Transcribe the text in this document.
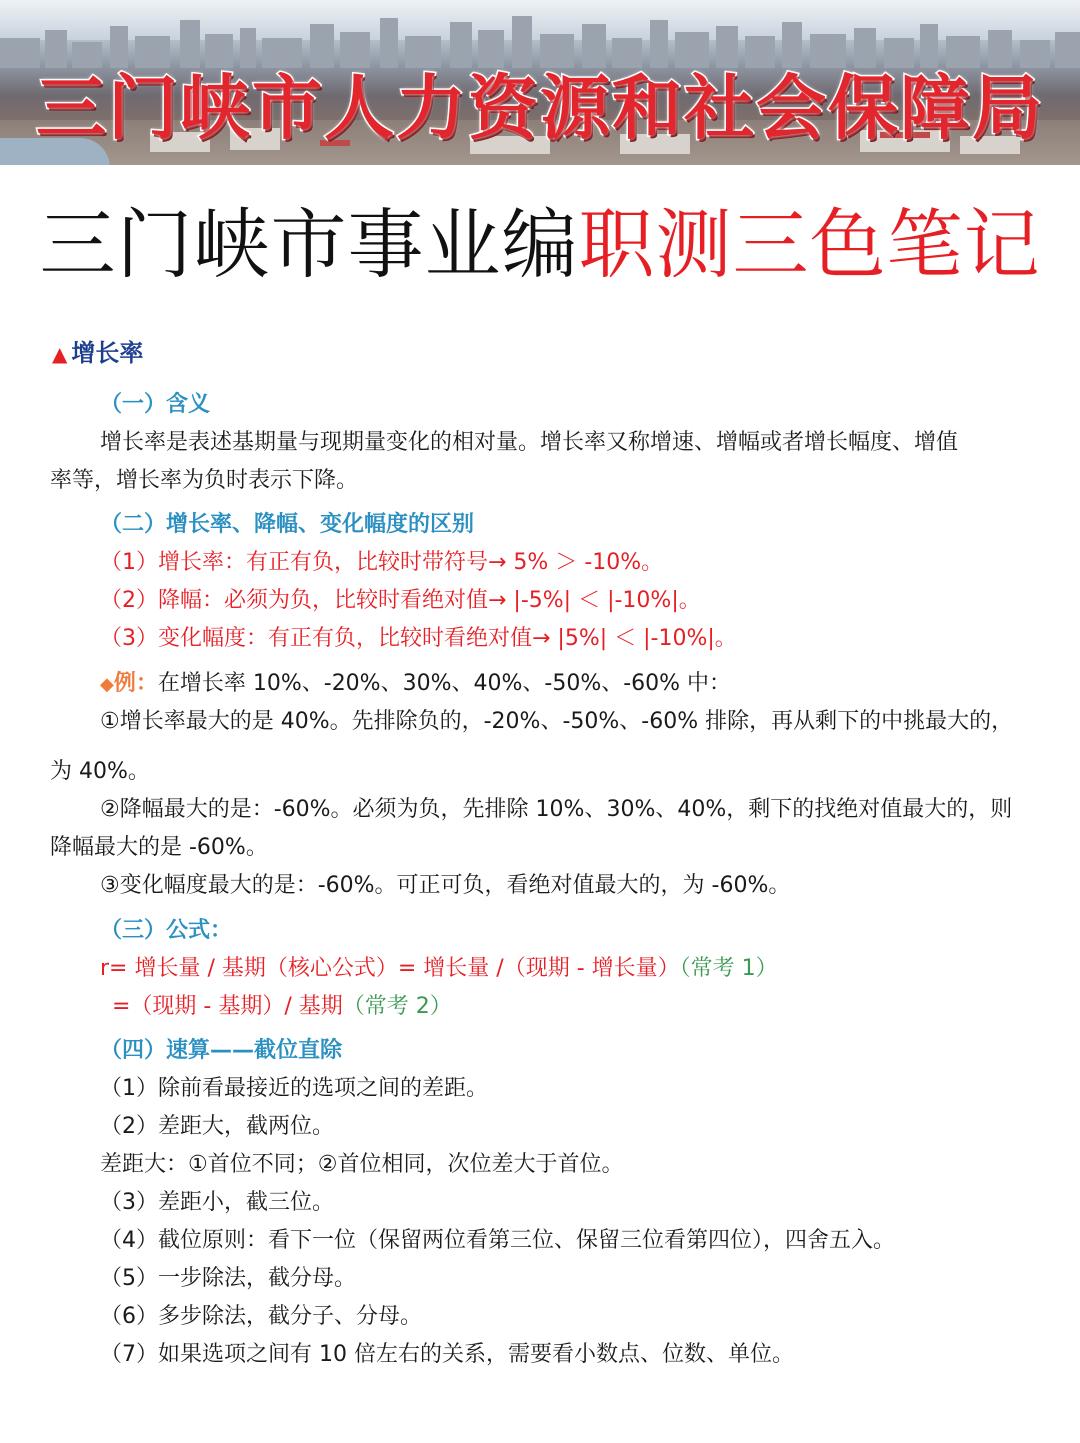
三门峡市人力资源和社会保障局
三门峡市事业编职测三色笔记
▲ 增长率
（一）含义
增长率是表述基期量与现期量变化的相对量。增长率又称增速、增幅或者增长幅度、增值
率等，增长率为负时表示下降。
（二）增长率、降幅、变化幅度的区别
（1）增长率：有正有负，比较时带符号→ 5% ＞ -10%。
（2）降幅：必须为负，比较时看绝对值→ |-5%| ＜ |-10%|。
（3）变化幅度：有正有负，比较时看绝对值→ |5%| ＜ |-10%|。
◆例：在增长率 10%、-20%、30%、40%、-50%、-60% 中：
①增长率最大的是 40%。先排除负的，-20%、-50%、-60% 排除，再从剩下的中挑最大的，
为 40%。
②降幅最大的是：-60%。必须为负，先排除 10%、30%、40%，剩下的找绝对值最大的，则
降幅最大的是 -60%。
③变化幅度最大的是：-60%。可正可负，看绝对值最大的，为 -60%。
（三）公式：
r= 增长量 / 基期（核心公式）= 增长量 /（现期 - 增长量）（常考 1）
=（现期 - 基期）/ 基期（常考 2）
（四）速算——截位直除
（1）除前看最接近的选项之间的差距。
（2）差距大，截两位。
差距大：①首位不同；②首位相同，次位差大于首位。
（3）差距小，截三位。
（4）截位原则：看下一位（保留两位看第三位、保留三位看第四位），四舍五入。
（5）一步除法，截分母。
（6）多步除法，截分子、分母。
（7）如果选项之间有 10 倍左右的关系，需要看小数点、位数、单位。
